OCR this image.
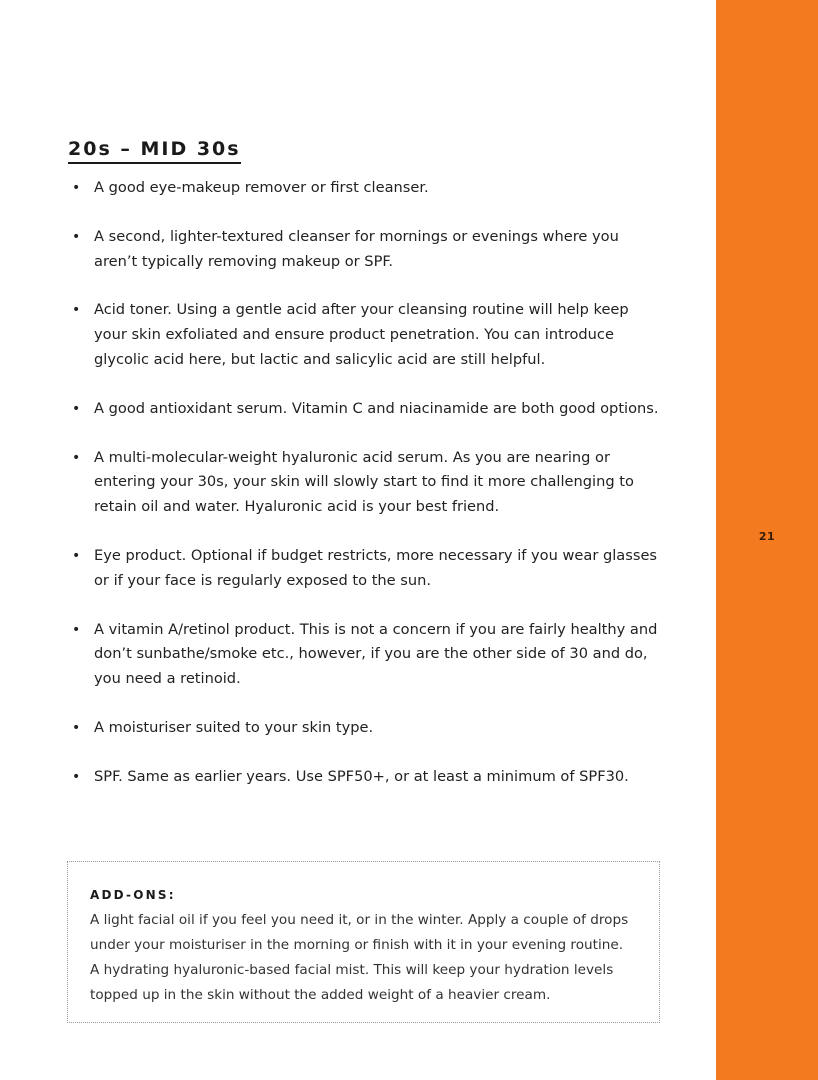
20s – MID 30s
• A good eye-makeup remover or first cleanser.
• A second, lighter-textured cleanser for mornings or evenings where you aren’t typically removing makeup or SPF.
• Acid toner. Using a gentle acid after your cleansing routine will help keep your skin exfoliated and ensure product penetration. You can introduce glycolic acid here, but lactic and salicylic acid are still helpful.
• A good antioxidant serum. Vitamin C and niacinamide are both good options.
• A multi-molecular-weight hyaluronic acid serum. As you are nearing or entering your 30s, your skin will slowly start to find it more challenging to retain oil and water. Hyaluronic acid is your best friend.
• Eye product. Optional if budget restricts, more necessary if you wear glasses or if your face is regularly exposed to the sun.
• A vitamin A/retinol product. This is not a concern if you are fairly healthy and don’t sunbathe/smoke etc., however, if you are the other side of 30 and do, you need a retinoid.
• A moisturiser suited to your skin type.
• SPF. Same as earlier years. Use SPF50+, or at least a minimum of SPF30.
ADD-ONS:

A light facial oil if you feel you need it, or in the winter. Apply a couple of drops
under your moisturiser in the morning or finish with it in your evening routine.
A hydrating hyaluronic-based facial mist. This will keep your hydration levels
topped up in the skin without the added weight of a heavier cream.

21
